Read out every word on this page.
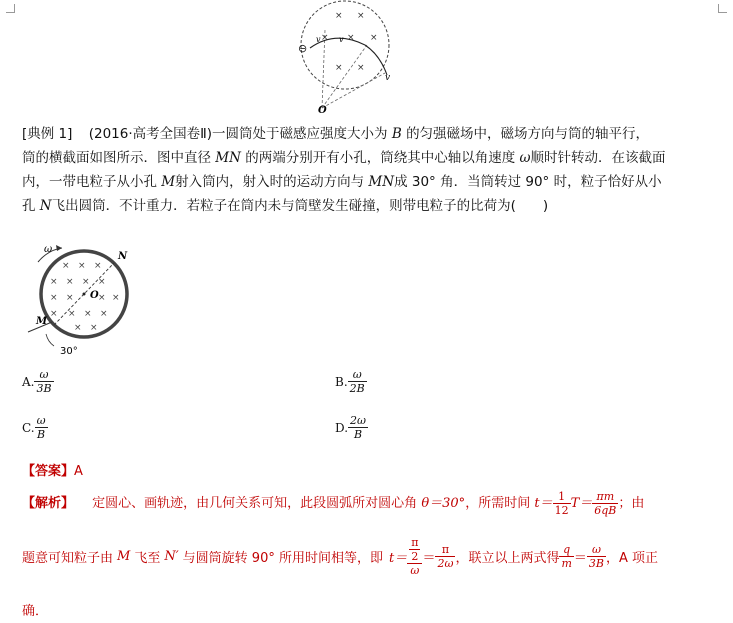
× ×
× × ×
× ×
⊖
v v
v
O
[典例 1] (2016·高考全国卷Ⅱ)一圆筒处于磁感应强度大小为 B 的匀强磁场中，磁场方向与筒的轴平行，
筒的横截面如图所示．图中直径 MN 的两端分别开有小孔，筒绕其中心轴以角速度 ω顺时针转动．在该截面
内，一带电粒子从小孔 M射入筒内，射入时的运动方向与 MN成 30° 角．当筒转过 90° 时，粒子恰好从小
孔 N飞出圆筒．不计重力．若粒子在筒内未与筒壁发生碰撞，则带电粒子的比荷为(　　)
× × ×
× × × ×
× ×	× ×
× × × ×
× ×
ω
N
O
M
30°
A. $\frac{\omega}{3B}$	B. $\frac{\omega}{2B}$
C. $\frac{\omega}{B}$	D. $\frac{2\omega}{B}$
【答案】A
【解析】 定圆心、画轨迹，由几何关系可知，此段圆弧所对圆心角 θ＝30°，所需时间 $t= \frac{1}{12} T= \frac{\pi m}{6qB}$ ；由
题意可知粒子由 M 飞至 N′ 与圆筒旋转 90° 所用时间相等，即 $t= \frac{\frac{\pi}{2}}{\omega} = \frac{\pi}{2\omega}$ ，联立以上两式得 $\frac{q}{m} = \frac{\omega}{3B}$ ，A 项正
确．
